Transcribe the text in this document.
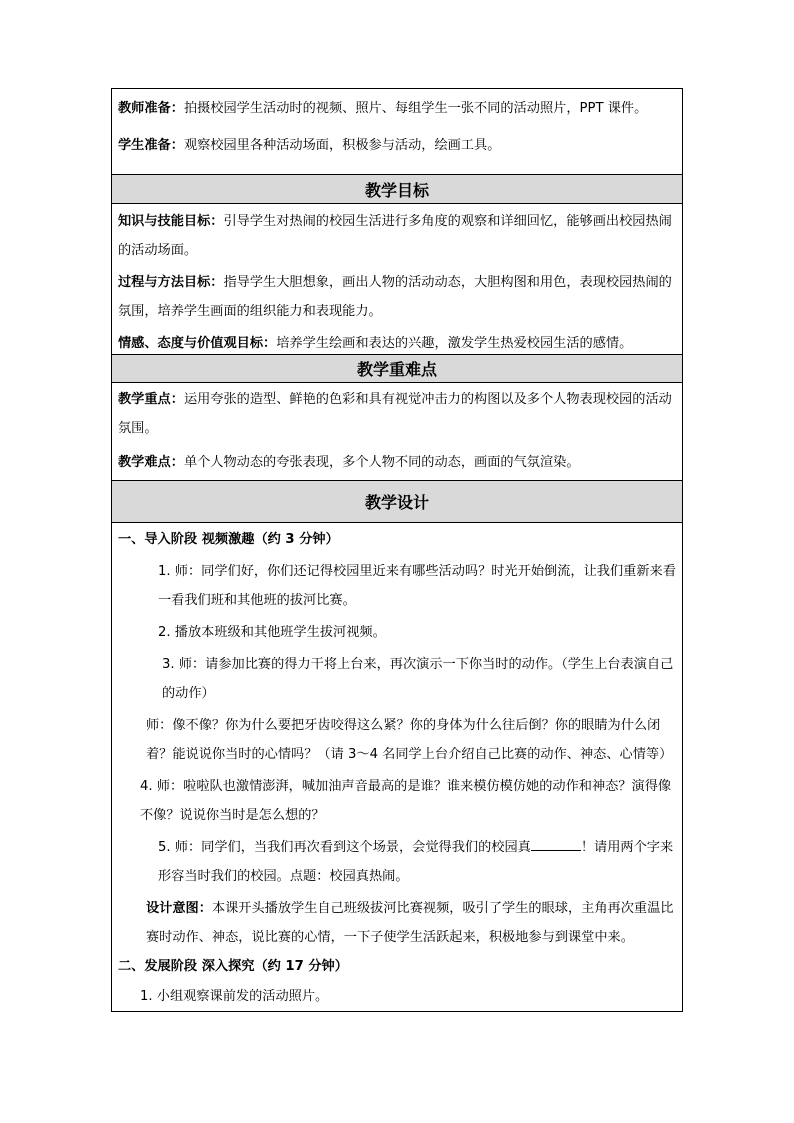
教师准备：拍摄校园学生活动时的视频、照片、每组学生一张不同的活动照片，PPT 课件。

学生准备：观察校园里各种活动场面，积极参与活动，绘画工具。

教学目标

知识与技能目标：引导学生对热闹的校园生活进行多角度的观察和详细回忆，能够画出校园热闹的活动场面。

过程与方法目标：指导学生大胆想象，画出人物的活动动态，大胆构图和用色，表现校园热闹的氛围，培养学生画面的组织能力和表现能力。

情感、态度与价值观目标：培养学生绘画和表达的兴趣，激发学生热爱校园生活的感情。

教学重难点

教学重点：运用夸张的造型、鲜艳的色彩和具有视觉冲击力的构图以及多个人物表现校园的活动氛围。

教学难点：单个人物动态的夸张表现，多个人物不同的动态，画面的气氛渲染。

教学设计

一、导入阶段 视频激趣（约 3 分钟）

1. 师：同学们好，你们还记得校园里近来有哪些活动吗？时光开始倒流，让我们重新来看一看我们班和其他班的拔河比赛。

2. 播放本班级和其他班学生拔河视频。

3. 师：请参加比赛的得力干将上台来，再次演示一下你当时的动作。（学生上台表演自己的动作）

师：像不像？你为什么要把牙齿咬得这么紧？你的身体为什么往后倒？你的眼睛为什么闭着？能说说你当时的心情吗？（请 3～4 名同学上台介绍自己比赛的动作、神态、心情等）

4. 师：啦啦队也激情澎湃，喊加油声音最高的是谁？谁来模仿模仿她的动作和神态？演得像不像？说说你当时是怎么想的？

5. 师：同学们，当我们再次看到这个场景，会觉得我们的校园真	！请用两个字来形容当时我们的校园。点题：校园真热闹。

设计意图：本课开头播放学生自己班级拔河比赛视频，吸引了学生的眼球，主角再次重温比赛时动作、神态，说比赛的心情，一下子使学生活跃起来，积极地参与到课堂中来。

二、发展阶段 深入探究（约 17 分钟）

1. 小组观察课前发的活动照片。
